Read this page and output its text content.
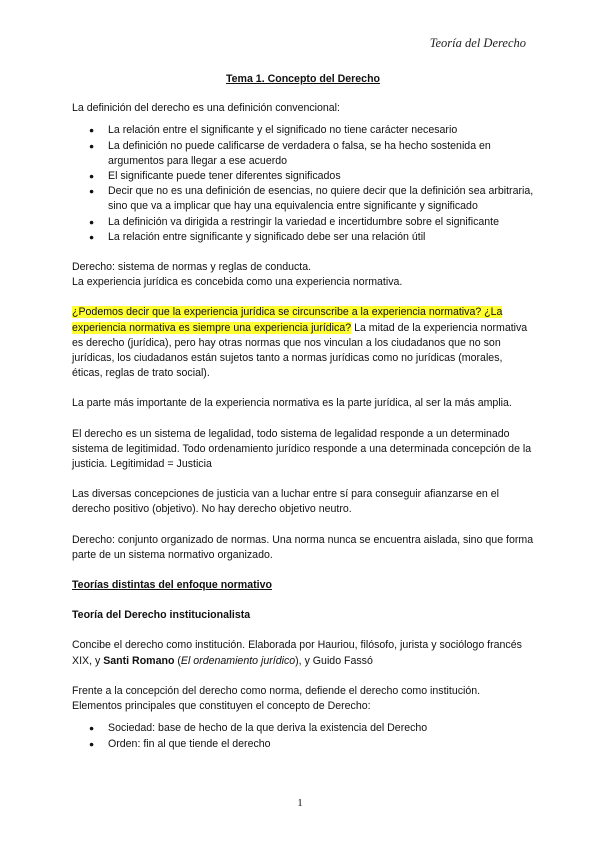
Teoría del Derecho
Tema 1. Concepto del Derecho

La definición del derecho es una definición convencional:

● La relación entre el significante y el significado no tiene carácter necesario
● La definición no puede calificarse de verdadera o falsa, se ha hecho sostenida en argumentos para llegar a ese acuerdo
● El significante puede tener diferentes significados
● Decir que no es una definición de esencias, no quiere decir que la definición sea arbitraria, sino que va a implicar que hay una equivalencia entre significante y significado
● La definición va dirigida a restringir la variedad e incertidumbre sobre el significante
● La relación entre significante y significado debe ser una relación útil

Derecho: sistema de normas y reglas de conducta.
La experiencia jurídica es concebida como una experiencia normativa.

¿Podemos decir que la experiencia jurídica se circunscribe a la experiencia normativa? ¿La experiencia normativa es siempre una experiencia jurídica? La mitad de la experiencia normativa es derecho (jurídica), pero hay otras normas que nos vinculan a los ciudadanos que no son jurídicas, los ciudadanos están sujetos tanto a normas jurídicas como no jurídicas (morales, éticas, reglas de trato social).

La parte más importante de la experiencia normativa es la parte jurídica, al ser la más amplia.

El derecho es un sistema de legalidad, todo sistema de legalidad responde a un determinado sistema de legitimidad. Todo ordenamiento jurídico responde a una determinada concepción de la justicia. Legitimidad = Justicia

Las diversas concepciones de justicia van a luchar entre sí para conseguir afianzarse en el derecho positivo (objetivo). No hay derecho objetivo neutro.

Derecho: conjunto organizado de normas. Una norma nunca se encuentra aislada, sino que forma parte de un sistema normativo organizado.

Teorías distintas del enfoque normativo
Teoría del Derecho institucionalista

Concibe el derecho como institución. Elaborada por Hauriou, filósofo, jurista y sociólogo francés XIX, y Santi Romano (El ordenamiento jurídico), y Guido Fassó

Frente a la concepción del derecho como norma, defiende el derecho como institución.
Elementos principales que constituyen el concepto de Derecho:

● Sociedad: base de hecho de la que deriva la existencia del Derecho
● Orden: fin al que tiende el derecho
1
